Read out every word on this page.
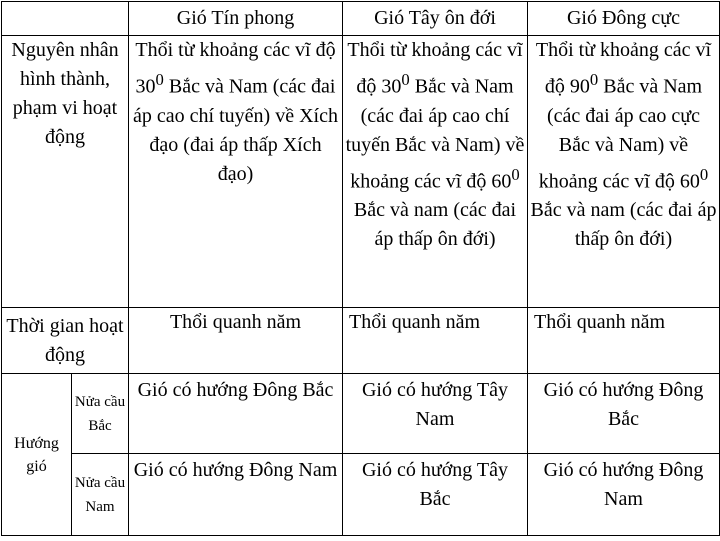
		Gió Tín phong	Gió Tây ôn đới	Gió Đông cực
Nguyên nhân hình thành, phạm vi hoạt động		Thổi từ khoảng các vĩ độ $30^0$ Bắc và Nam (các đai áp cao chí tuyến) về Xích đạo (đai áp thấp Xích đạo)	Thổi từ khoảng các vĩ độ $30^0$ Bắc và Nam (các đai áp cao chí tuyến Bắc và Nam) về khoảng các vĩ độ $60^0$ Bắc và nam (các đai áp thấp ôn đới)	Thổi từ khoảng các vĩ độ $90^0$ Bắc và Nam (các đai áp cao cực Bắc và Nam) về khoảng các vĩ độ $60^0$ Bắc và nam (các đai áp thấp ôn đới)
Thời gian hoạt động		Thổi quanh năm	Thổi quanh năm	Thổi quanh năm
Hướng gió	Nửa cầu Bắc	Gió có hướng Đông Bắc	Gió có hướng Tây Nam	Gió có hướng Đông Bắc
	Nửa cầu Nam	Gió có hướng Đông Nam	Gió có hướng Tây Bắc	Gió có hướng Đông Nam
